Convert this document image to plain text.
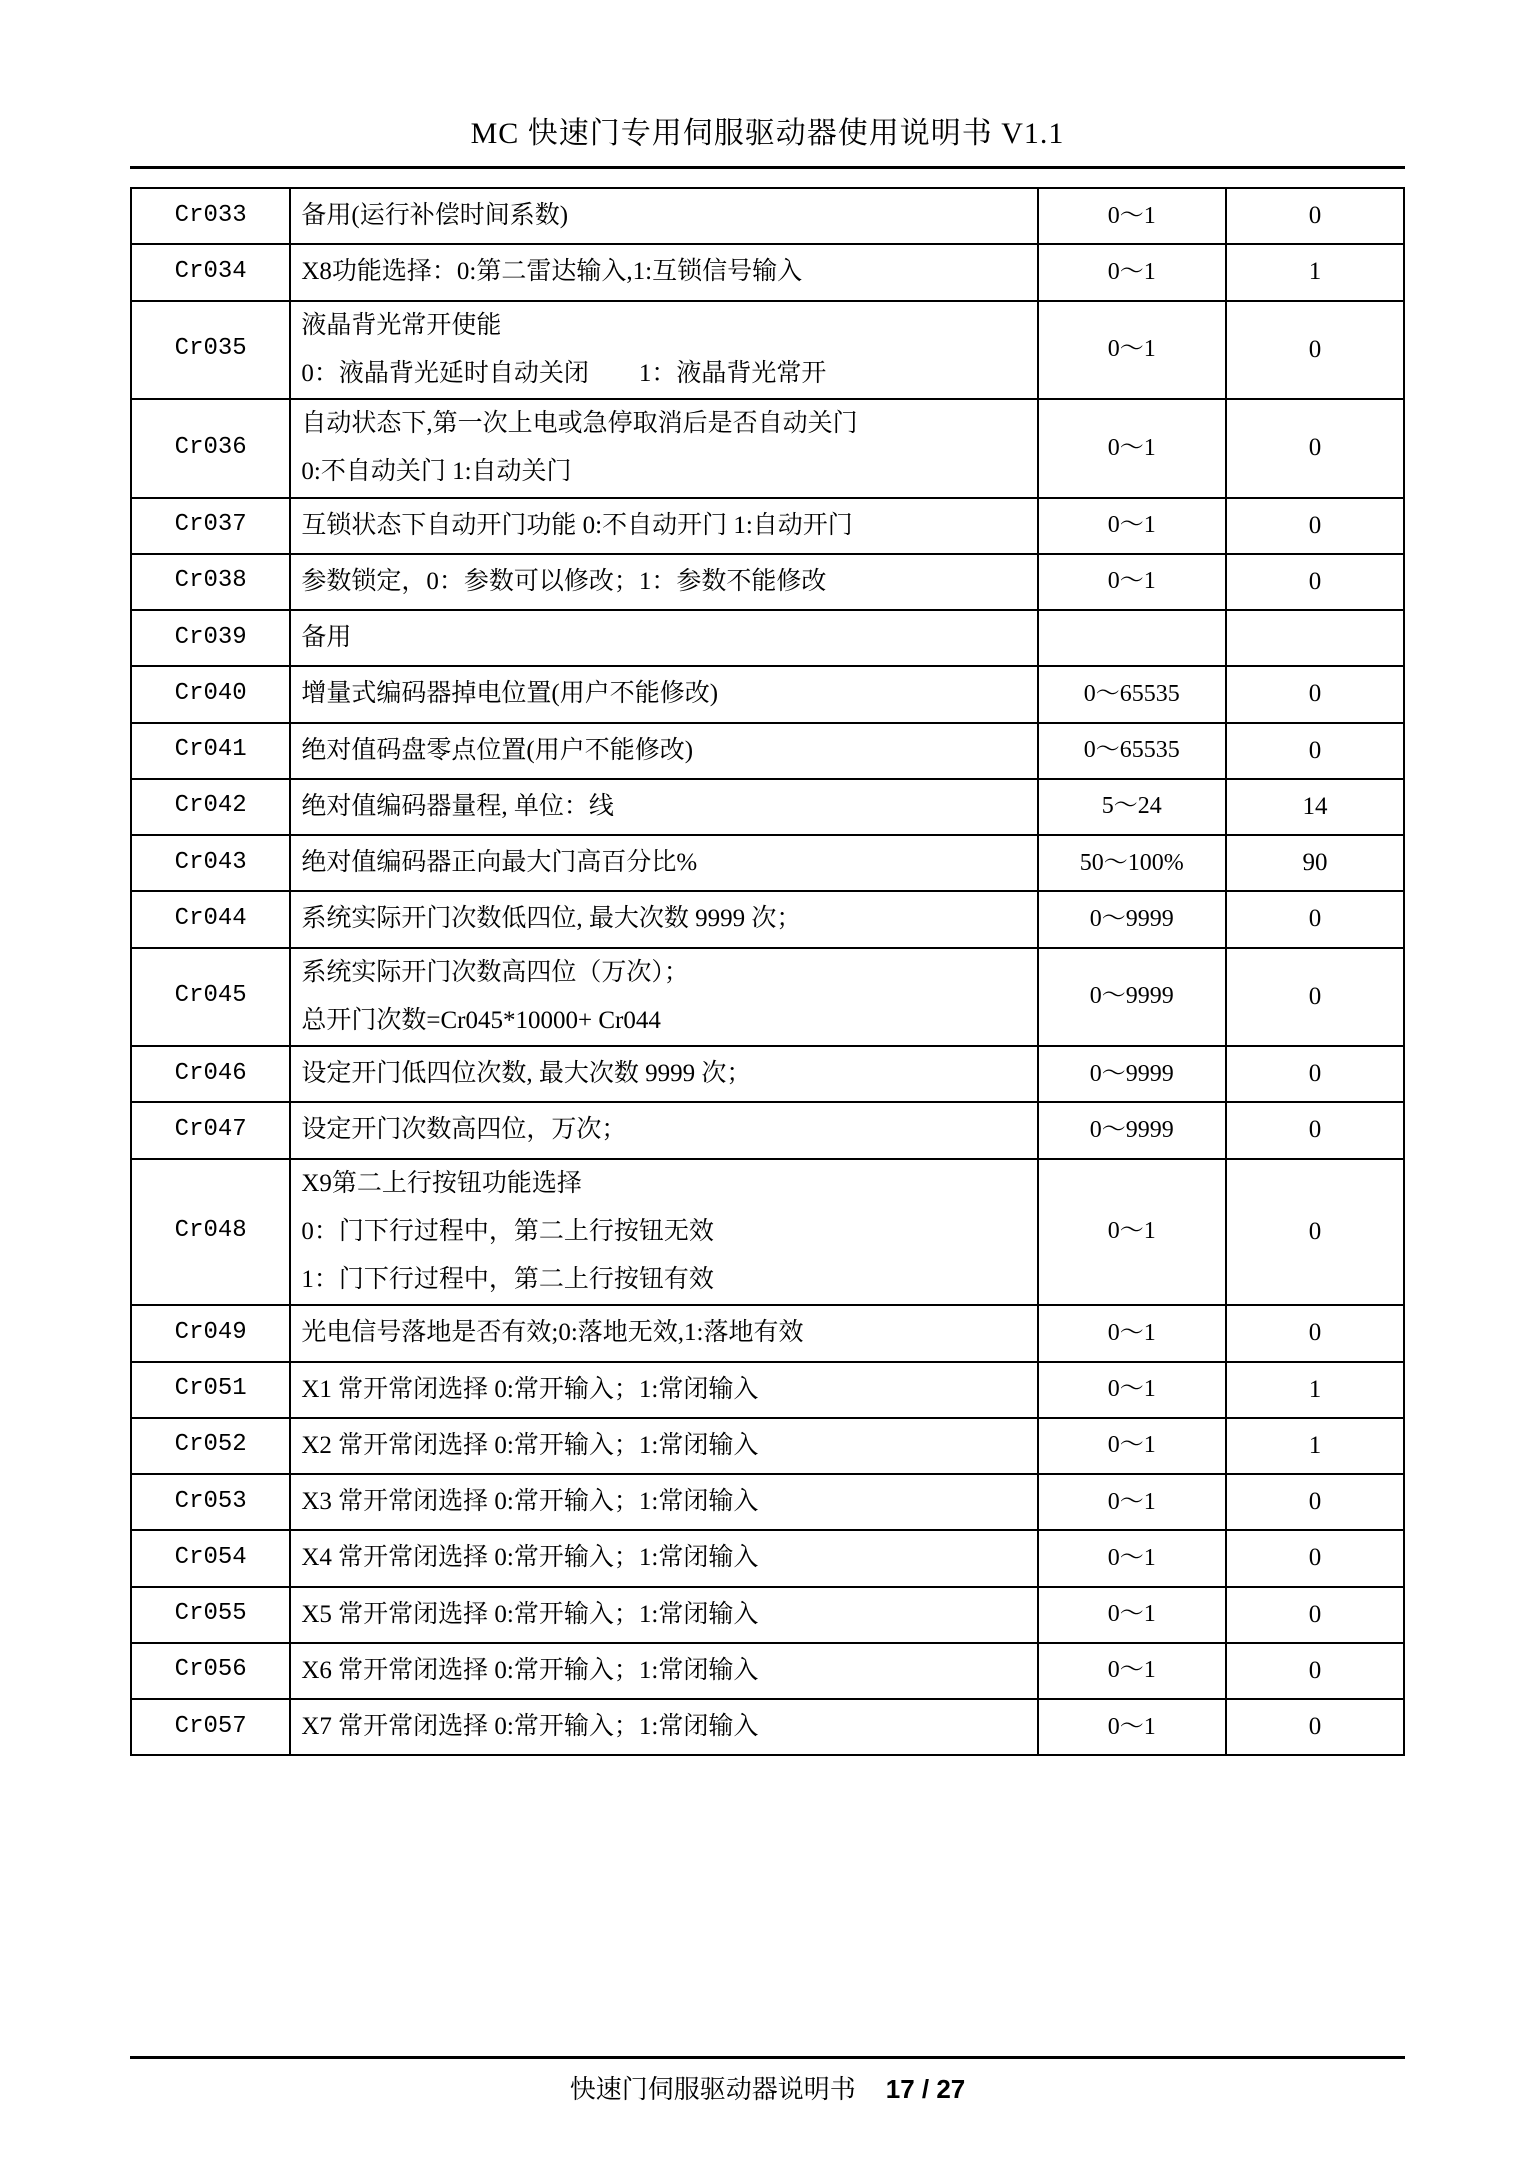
MC 快速门专用伺服驱动器使用说明书 V1.1
Cr033	备用(运行补偿时间系数)	0～1	0
Cr034	X8功能选择：0:第二雷达输入,1:互锁信号输入	0～1	1
Cr035	液晶背光常开使能
0：液晶背光延时自动关闭　　1：液晶背光常开	0～1	0
Cr036	自动状态下,第一次上电或急停取消后是否自动关门
0:不自动关门 1:自动关门	0～1	0
Cr037	互锁状态下自动开门功能 0:不自动开门 1:自动开门	0～1	0
Cr038	参数锁定，0：参数可以修改；1：参数不能修改	0～1	0
Cr039	备用		

Cr040	增量式编码器掉电位置(用户不能修改)	0～65535	0
Cr041	绝对值码盘零点位置(用户不能修改)	0～65535	0
Cr042	绝对值编码器量程, 单位：线	5～24	14
Cr043	绝对值编码器正向最大门高百分比%	50～100%	90
Cr044	系统实际开门次数低四位, 最大次数 9999 次；	0～9999	0
Cr045	系统实际开门次数高四位（万次）；
总开门次数=Cr045*10000+ Cr044	0～9999	0
Cr046	设定开门低四位次数, 最大次数 9999 次；	0～9999	0
Cr047	设定开门次数高四位，万次；	0～9999	0
Cr048	X9第二上行按钮功能选择
0：门下行过程中，第二上行按钮无效
1：门下行过程中，第二上行按钮有效	0～1	0
Cr049	光电信号落地是否有效;0:落地无效,1:落地有效	0～1	0
Cr051	X1 常开常闭选择 0:常开输入；1:常闭输入	0～1	1
Cr052	X2 常开常闭选择 0:常开输入；1:常闭输入	0～1	1
Cr053	X3 常开常闭选择 0:常开输入；1:常闭输入	0～1	0
Cr054	X4 常开常闭选择 0:常开输入；1:常闭输入	0～1	0
Cr055	X5 常开常闭选择 0:常开输入；1:常闭输入	0～1	0
Cr056	X6 常开常闭选择 0:常开输入；1:常闭输入	0～1	0
Cr057	X7 常开常闭选择 0:常开输入；1:常闭输入	0～1	0
快速门伺服驱动器说明书 17 / 27
